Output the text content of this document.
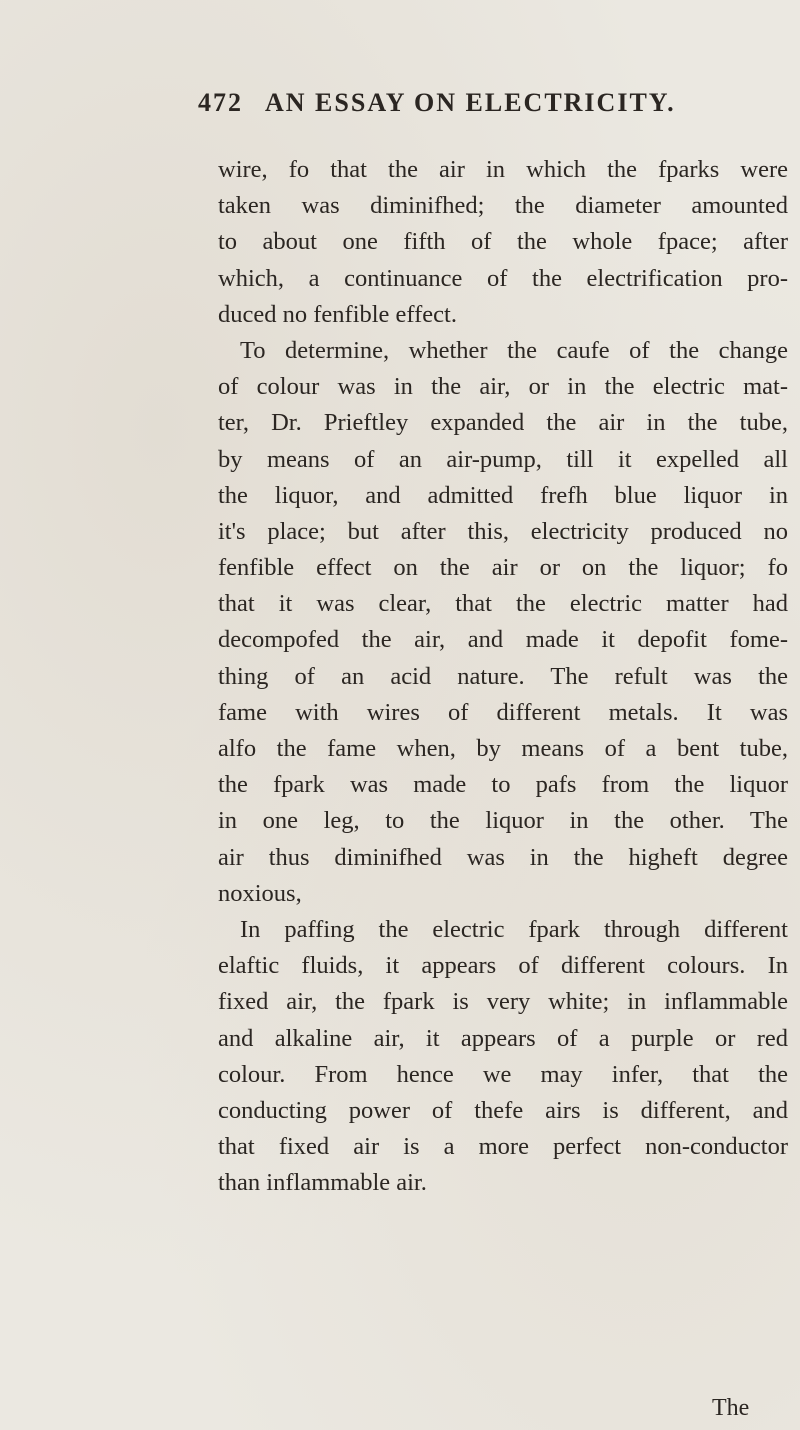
472 AN ESSAY ON ELECTRICITY.
wire, fo that the air in which the fparks were
taken was diminifhed; the diameter amounted
to about one fifth of the whole fpace; after
which, a continuance of the electrification pro-
duced no fenfible effect.
To determine, whether the caufe of the change
of colour was in the air, or in the electric mat-
ter, Dr. Prieftley expanded the air in the tube,
by means of an air-pump, till it expelled all
the liquor, and admitted frefh blue liquor in
it's place; but after this, electricity produced no
fenfible effect on the air or on the liquor; fo
that it was clear, that the electric matter had
decompofed the air, and made it depofit fome-
thing of an acid nature. The refult was the
fame with wires of different metals. It was
alfo the fame when, by means of a bent tube,
the fpark was made to pafs from the liquor
in one leg, to the liquor in the other. The
air thus diminifhed was in the higheft degree
noxious,
In paffing the electric fpark through different
elaftic fluids, it appears of different colours. In
fixed air, the fpark is very white; in inflammable
and alkaline air, it appears of a purple or red
colour. From hence we may infer, that the
conducting power of thefe airs is different, and
that fixed air is a more perfect non-conductor
than inflammable air.
The
